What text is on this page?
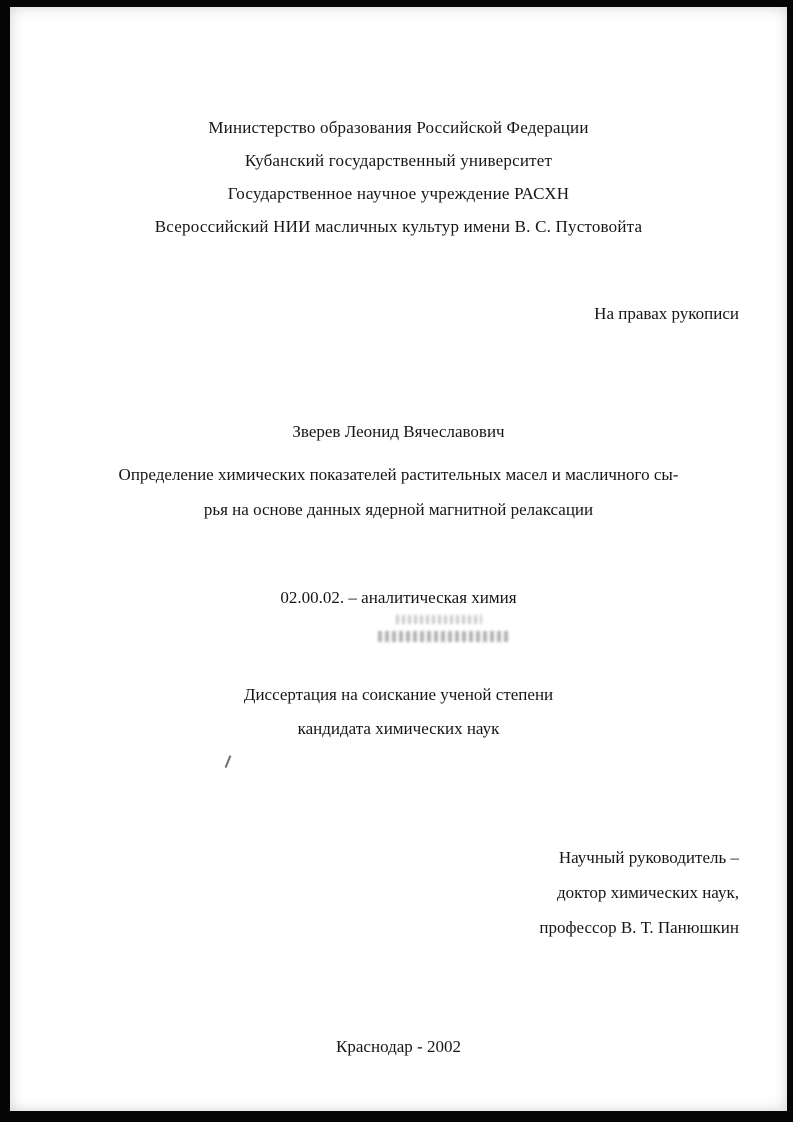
Министерство образования Российской Федерации
Кубанский государственный университет
Государственное научное учреждение РАСХН
Всероссийский НИИ масличных культур имени В. С. Пустовойта
На правах рукописи
Зверев Леонид Вячеславович
Определение химических показателей растительных масел и масличного сы-
рья на основе данных ядерной магнитной релаксации
02.00.02. – аналитическая химия
Диссертация на соискание ученой степени
кандидата химических наук
Научный руководитель –
доктор химических наук,
профессор В. Т. Панюшкин
Краснодар - 2002
